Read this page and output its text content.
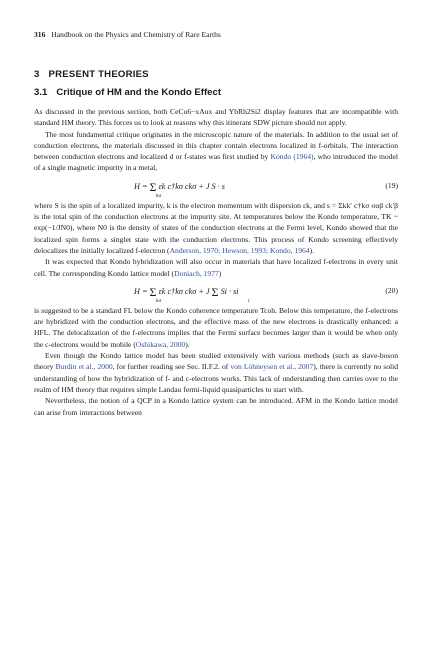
316 Handbook on the Physics and Chemistry of Rare Earths
3 PRESENT THEORIES
3.1 Critique of HM and the Kondo Effect

As discussed in the previous section, both CeCu6−xAux and YbRh2Si2 display features that are incompatible with standard HM theory. This forces us to look at reasons why this itinerant SDW picture should not apply.

The most fundamental critique originates in the microscopic nature of the materials. In addition to the usual set of conduction electrons, the materials discussed in this chapter contain electrons localized in f-orbitals. The interaction between conduction electrons and localized d or f-states was first studied by Kondo (1964), who introduced the model of a single magnetic impurity in a metal,

H = Σ εk c†kσ ckσ + J S · s
kσ
(19)

where S is the spin of a localized impurity, k is the electron momentum with dispersion εk, and s = Σkk′ c†kσ σαβ ck′β is the total spin of the conduction electrons at the impurity site. At temperatures below the Kondo temperature, TK ~ exp(−1/JN0), where N0 is the density of states of the conduction electrons at the Fermi level, Kondo showed that the localized spin forms a singlet state with the conduction electrons. This process of Kondo screening effectively delocalizes the initially localized f-electron (Anderson, 1970; Hewson, 1993; Kondo, 1964).

It was expected that Kondo hybridization will also occur in materials that have localized f-electrons in every unit cell. The corresponding Kondo lattice model (Doniach, 1977)

H = Σ εk c†kσ ckσ + J Σ Si · si
kσ	i
(20)

is suggested to be a standard FL below the Kondo coherence temperature Tcoh. Below this temperature, the f-electrons are hybridized with the conduction electrons, and the effective mass of the new electrons is drastically enhanced: a HFL. The delocalization of the f-electrons implies that the Fermi surface becomes larger than it would be when only the c-electrons would be mobile (Oshikawa, 2000).

Even though the Kondo lattice model has been studied extensively with various methods (such as slave-boson theory Burdin et al., 2000, for further reading see Sec. II.F.2. of von Löhneysen et al., 2007), there is currently no solid understanding of how the hybridization of f- and c-electrons works. This lack of understanding then carries over to the realm of HM theory that requires simple Landau fermi-liquid quasiparticles to start with.

Nevertheless, the notion of a QCP in a Kondo lattice system can be introduced. AFM in the Kondo lattice model can arise from interactions between
